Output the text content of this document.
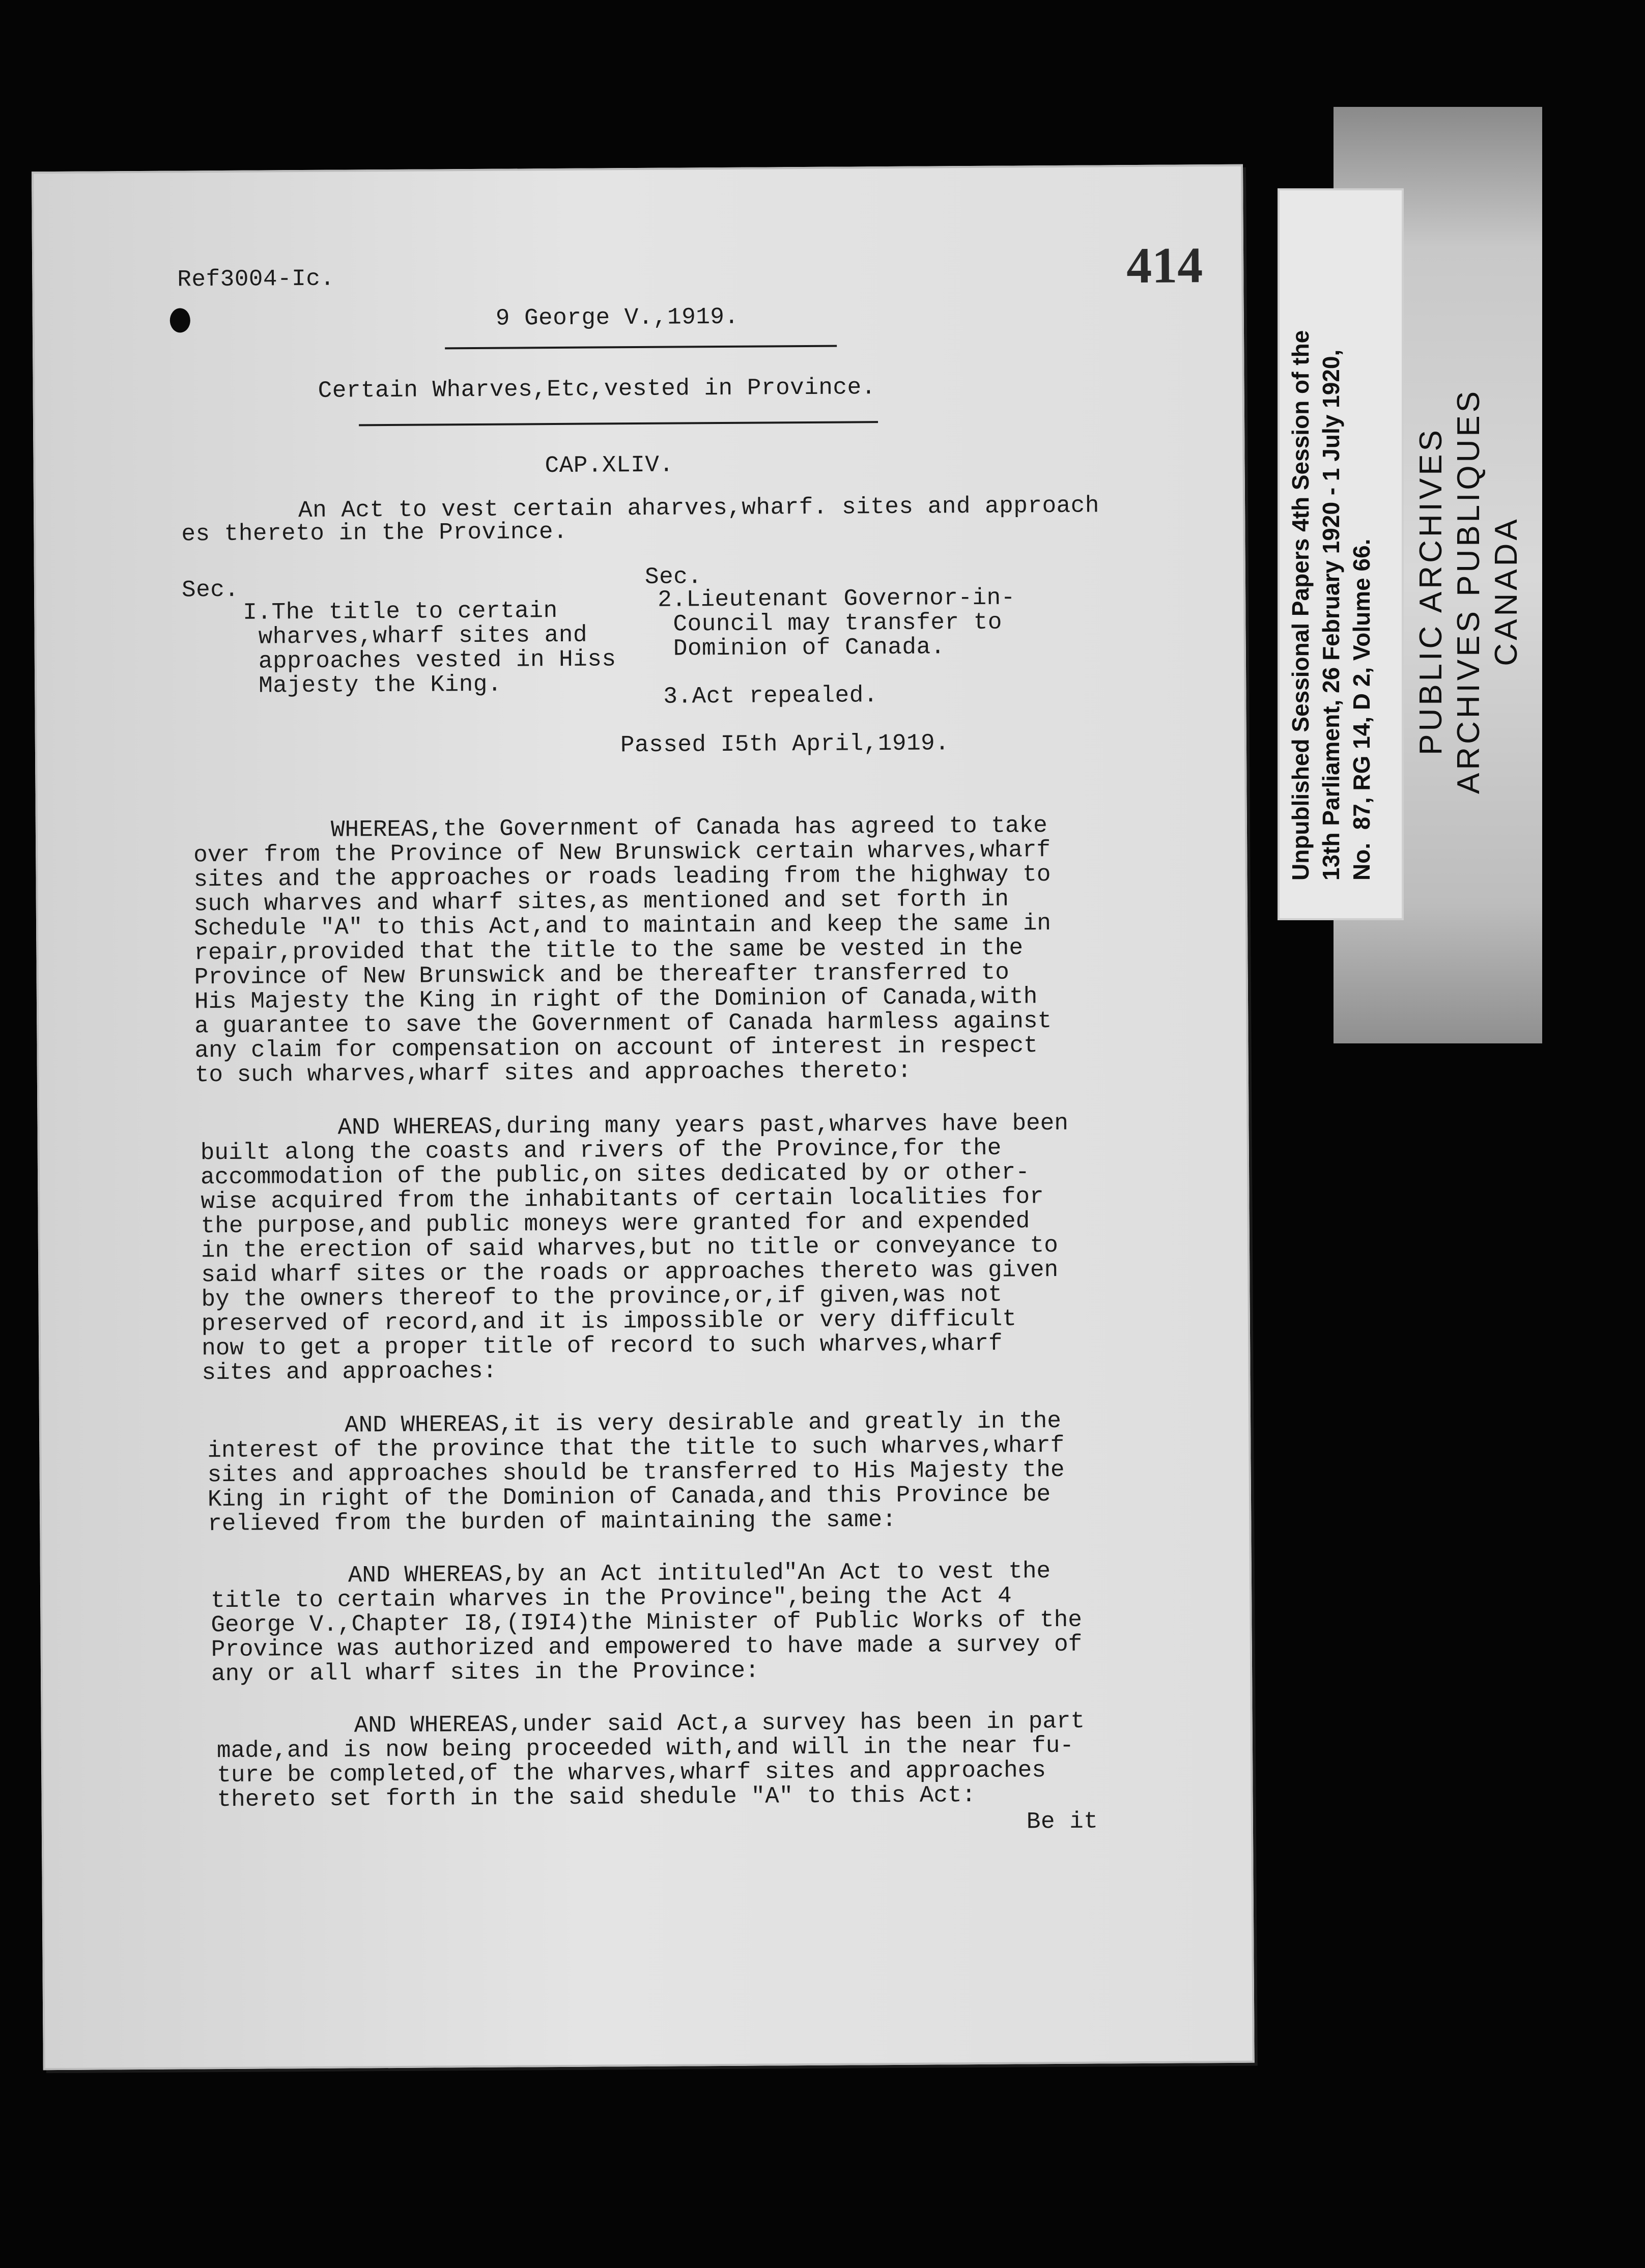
Unpublished Sessional Papers 4th Session of the 13th Parliament, 26 February 1920 - 1 July 1920, No.  87, RG 14, D 2, Volume 66. PUBLIC ARCHIVES
ARCHIVES PUBLIQUES
CANADA
Ref3004-Ic.	414
9 George V.,1919.
Certain Wharves,Etc,vested in Province.
CAP.XLIV.
An Act to vest certain aharves,wharf. sites and approach
es thereto in the Province.
Sec.
I.The title to certain
wharves,wharf sites and
approaches vested in Hiss
Majesty the King.
Sec.
2.Lieutenant Governor-in-
Council may transfer to
Dominion of Canada.
3.Act repealed.
Passed I5th April,1919.

WHEREAS,the Government of Canada has agreed to take
over from the Province of New Brunswick certain wharves,wharf
sites and the approaches or roads leading from the highway to
such wharves and wharf sites,as mentioned and set forth in
Schedule "A" to this Act,and to maintain and keep the same in
repair,provided that the title to the same be vested in the
Province of New Brunswick and be thereafter transferred to
His Majesty the King in right of the Dominion of Canada,with
a guarantee to save the Government of Canada harmless against
any claim for compensation on account of interest in respect
to such wharves,wharf sites and approaches thereto:

AND WHEREAS,during many years past,wharves have been
built along the coasts and rivers of the Province,for the
accommodation of the public,on sites dedicated by or other-
wise acquired from the inhabitants of certain localities for
the purpose,and public moneys were granted for and expended
in the erection of said wharves,but no title or conveyance to
said wharf sites or the roads or approaches thereto was given
by the owners thereof to the province,or,if given,was not
preserved of record,and it is impossible or very difficult
now to get a proper title of record to such wharves,wharf
sites and approaches:

AND WHEREAS,it is very desirable and greatly in the
interest of the province that the title to such wharves,wharf
sites and approaches should be transferred to His Majesty the
King in right of the Dominion of Canada,and this Province be
relieved from the burden of maintaining the same:

AND WHEREAS,by an Act intituled"An Act to vest the
title to certain wharves in the Province",being the Act 4
George V.,Chapter I8,(I9I4)the Minister of Public Works of the
Province was authorized and empowered to have made a survey of
any or all wharf sites in the Province:

AND WHEREAS,under said Act,a survey has been in part
made,and is now being proceeded with,and will in the near fu-
ture be completed,of the wharves,wharf sites and approaches
thereto set forth in the said shedule "A" to this Act:
Be it
